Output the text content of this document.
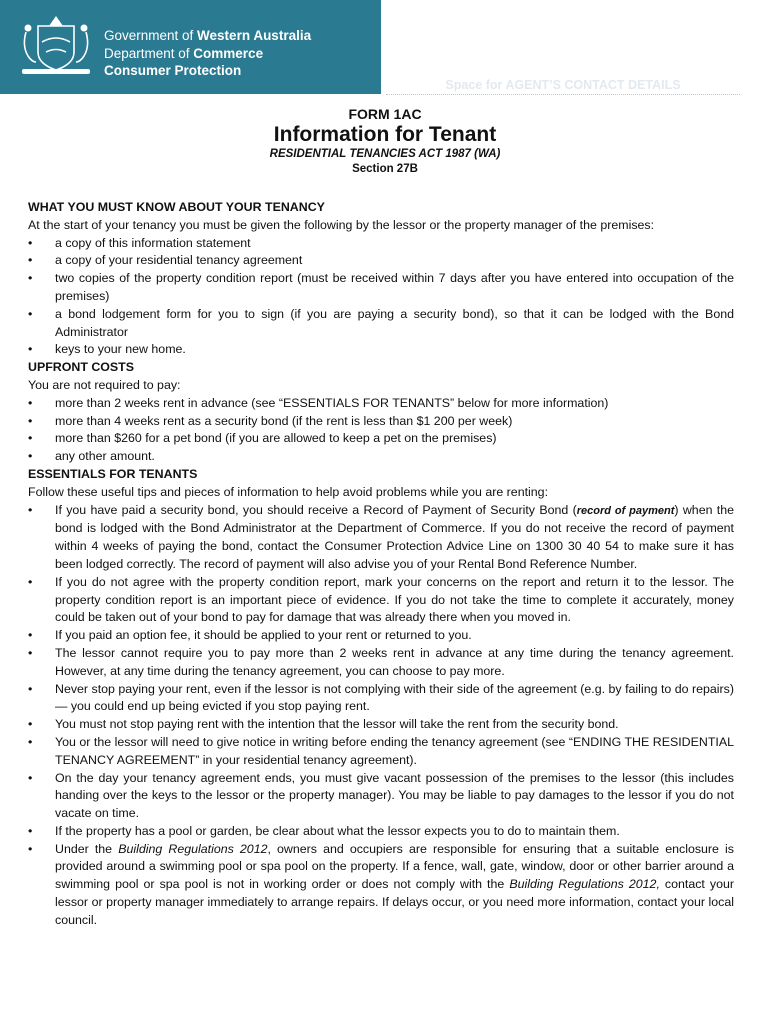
Government of Western Australia
Department of Commerce
Consumer Protection
Space for AGENT’S CONTACT DETAILS
FORM 1AC
Information for Tenant
RESIDENTIAL TENANCIES ACT 1987 (WA)
Section 27B

WHAT YOU MUST KNOW ABOUT YOUR TENANCY

At the start of your tenancy you must be given the following by the lessor or the property manager of the premises:

• a copy of this information statement
• a copy of your residential tenancy agreement
• two copies of the property condition report (must be received within 7 days after you have entered into occupation of the premises)
• a bond lodgement form for you to sign (if you are paying a security bond), so that it can be lodged with the Bond Administrator
• keys to your new home.

UPFRONT COSTS

You are not required to pay:

• more than 2 weeks rent in advance (see “ESSENTIALS FOR TENANTS” below for more information)
• more than 4 weeks rent as a security bond (if the rent is less than $1 200 per week)
• more than $260 for a pet bond (if you are allowed to keep a pet on the premises)
• any other amount.

ESSENTIALS FOR TENANTS

Follow these useful tips and pieces of information to help avoid problems while you are renting:

• If you have paid a security bond, you should receive a Record of Payment of Security Bond (record of payment) when the bond is lodged with the Bond Administrator at the Department of Commerce. If you do not receive the record of payment within 4 weeks of paying the bond, contact the Consumer Protection Advice Line on 1300 30 40 54 to make sure it has been lodged correctly. The record of payment will also advise you of your Rental Bond Reference Number.
• If you do not agree with the property condition report, mark your concerns on the report and return it to the lessor. The property condition report is an important piece of evidence. If you do not take the time to complete it accurately, money could be taken out of your bond to pay for damage that was already there when you moved in.
• If you paid an option fee, it should be applied to your rent or returned to you.
• The lessor cannot require you to pay more than 2 weeks rent in advance at any time during the tenancy agreement. However, at any time during the tenancy agreement, you can choose to pay more.
• Never stop paying your rent, even if the lessor is not complying with their side of the agreement (e.g. by failing to do repairs) — you could end up being evicted if you stop paying rent.
• You must not stop paying rent with the intention that the lessor will take the rent from the security bond.
• You or the lessor will need to give notice in writing before ending the tenancy agreement (see “ENDING THE RESIDENTIAL TENANCY AGREEMENT” in your residential tenancy agreement).
• On the day your tenancy agreement ends, you must give vacant possession of the premises to the lessor (this includes handing over the keys to the lessor or the property manager). You may be liable to pay damages to the lessor if you do not vacate on time.
• If the property has a pool or garden, be clear about what the lessor expects you to do to maintain them.
• Under the Building Regulations 2012, owners and occupiers are responsible for ensuring that a suitable enclosure is provided around a swimming pool or spa pool on the property. If a fence, wall, gate, window, door or other barrier around a swimming pool or spa pool is not in working order or does not comply with the Building Regulations 2012, contact your lessor or property manager immediately to arrange repairs. If delays occur, or you need more information, contact your local council.
